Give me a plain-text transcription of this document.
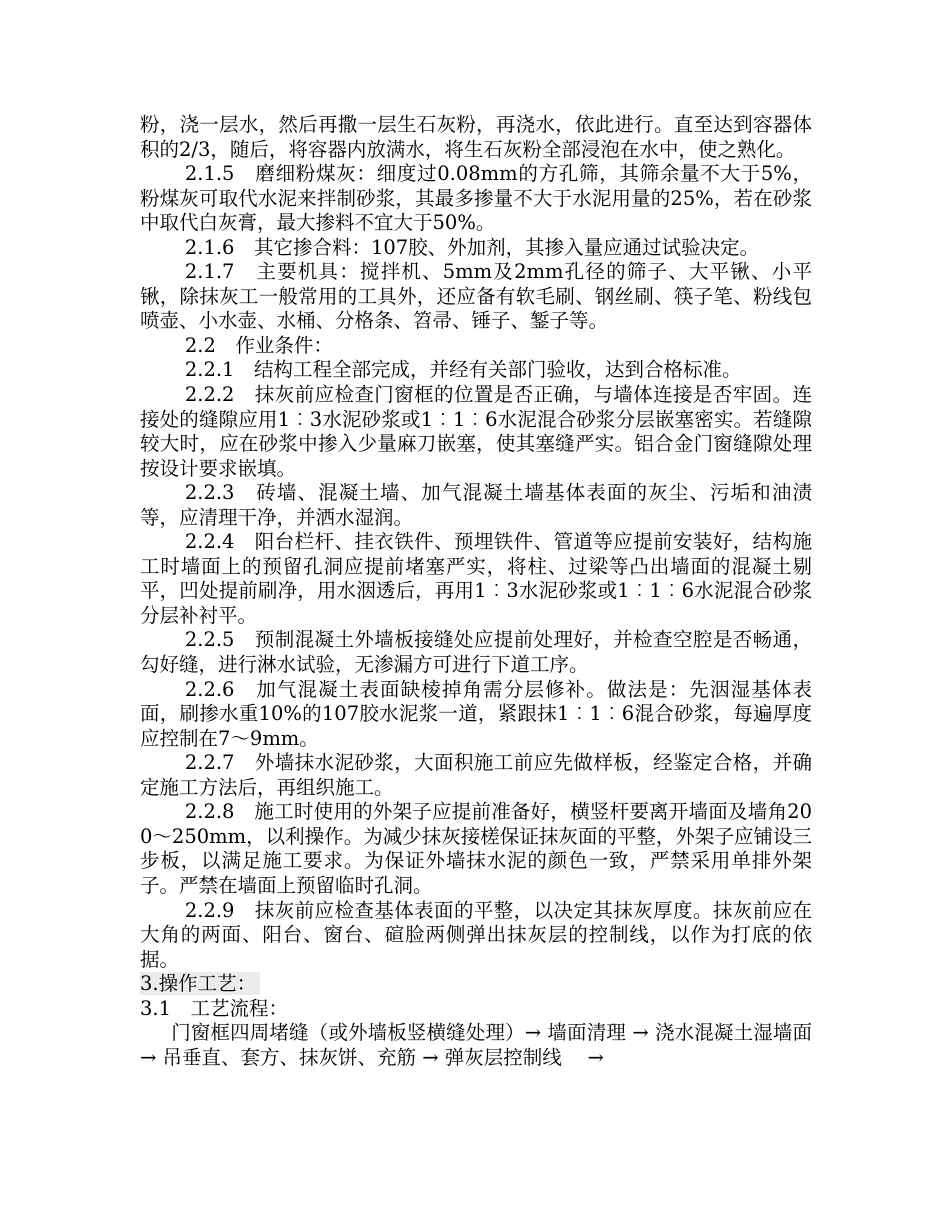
粉，浇一层水，然后再撒一层生石灰粉，再浇水，依此进行。直至达到容器体积的2/3，随后，将容器内放满水，将生石灰粉全部浸泡在水中，使之熟化。

2.1.5　磨细粉煤灰：细度过0.08mm的方孔筛，其筛余量不大于5%，粉煤灰可取代水泥来拌制砂浆，其最多掺量不大于水泥用量的25%，若在砂浆中取代白灰膏，最大掺料不宜大于50%。

2.1.6　其它掺合料：107胶、外加剂，其掺入量应通过试验决定。

2.1.7　主要机具：搅拌机、5mm及2mm孔径的筛子、大平锹、小平锹，除抹灰工一般常用的工具外，还应备有软毛刷、钢丝刷、筷子笔、粉线包喷壶、小水壶、水桶、分格条、笤帚、锤子、錾子等。

2.2　作业条件：

2.2.1　结构工程全部完成，并经有关部门验收，达到合格标准。

2.2.2　抹灰前应检查门窗框的位置是否正确，与墙体连接是否牢固。连接处的缝隙应用1︰3水泥砂浆或1︰1︰6水泥混合砂浆分层嵌塞密实。若缝隙较大时，应在砂浆中掺入少量麻刀嵌塞，使其塞缝严实。铝合金门窗缝隙处理按设计要求嵌填。

2.2.3　砖墙、混凝土墙、加气混凝土墙基体表面的灰尘、污垢和油渍等，应清理干净，并洒水湿润。

2.2.4　阳台栏杆、挂衣铁件、预埋铁件、管道等应提前安装好，结构施工时墙面上的预留孔洞应提前堵塞严实，将柱、过梁等凸出墙面的混凝土剔平，凹处提前刷净，用水洇透后，再用1︰3水泥砂浆或1︰1︰6水泥混合砂浆分层补衬平。

2.2.5　预制混凝土外墙板接缝处应提前处理好，并检查空腔是否畅通，勾好缝，进行淋水试验，无渗漏方可进行下道工序。

2.2.6　加气混凝土表面缺棱掉角需分层修补。做法是：先洇湿基体表面，刷掺水重10%的107胶水泥浆一道，紧跟抹1︰1︰6混合砂浆，每遍厚度应控制在7～9mm。

2.2.7　外墙抹水泥砂浆，大面积施工前应先做样板，经鉴定合格，并确定施工方法后，再组织施工。

2.2.8　施工时使用的外架子应提前准备好，横竖杆要离开墙面及墙角200～250mm，以利操作。为减少抹灰接槎保证抹灰面的平整，外架子应铺设三步板，以满足施工要求。为保证外墙抹水泥的颜色一致，严禁采用单排外架子。严禁在墙面上预留临时孔洞。

2.2.9　抹灰前应检查基体表面的平整，以决定其抹灰厚度。抹灰前应在大角的两面、阳台、窗台、碹脸两侧弹出抹灰层的控制线，以作为打底的依据。

3.操作工艺：

3.1　工艺流程：

门窗框四周堵缝（或外墙板竖横缝处理）→ 墙面清理 → 浇水混凝土湿墙面　→ 吊垂直、套方、抹灰饼、充筋 → 弹灰层控制线　 →
